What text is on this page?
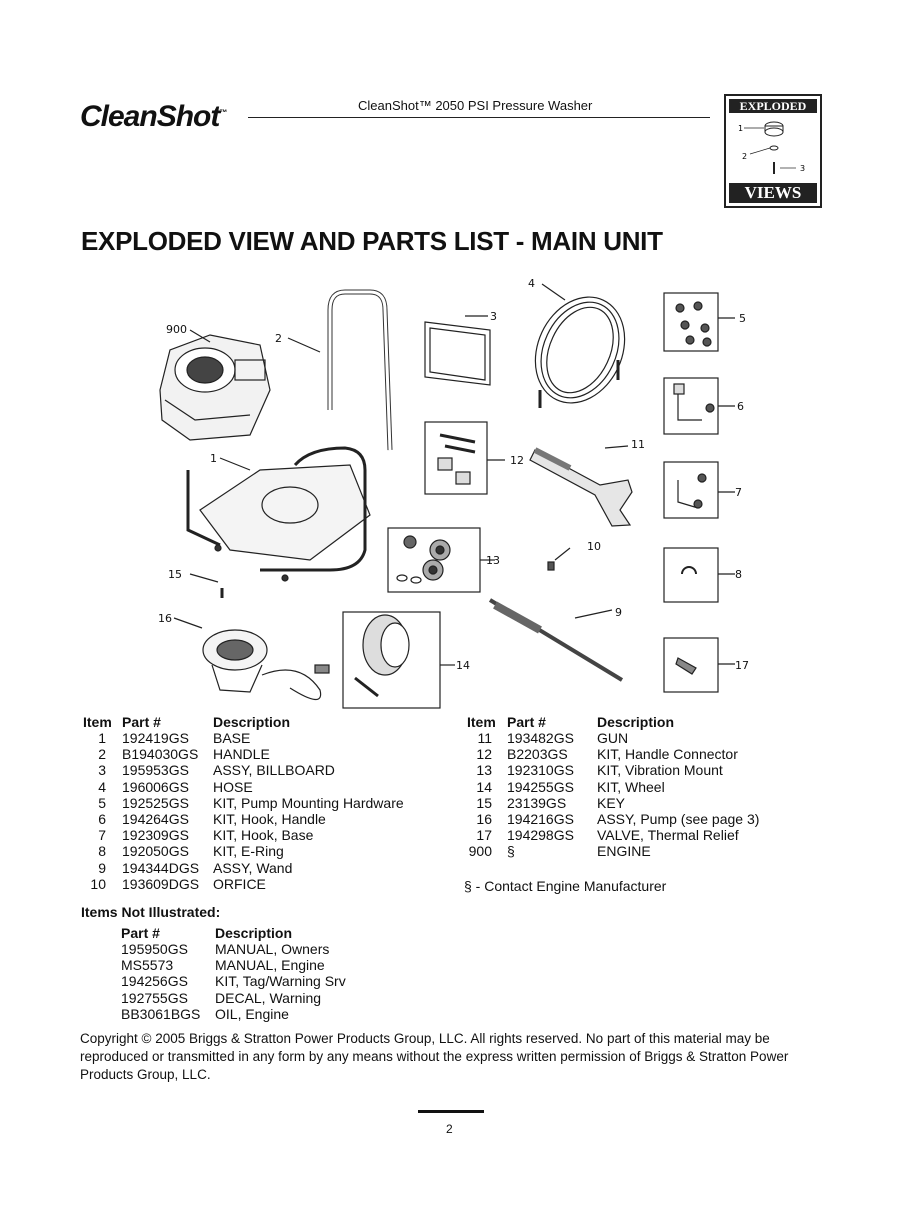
CleanShot™	CleanShot™ 2050 PSI Pressure Washer	EXPLODED
1
2
3
VIEWS
EXPLODED VIEW AND PARTS LIST - MAIN UNIT
900
2
3
4
5
6
1
11
12
7
10
13
8
15
16	9
14	17
Item Part #	Description
1 192419GS BASE
2 B194030GS HANDLE
3 195953GS ASSY, BILLBOARD
4 196006GS HOSE
5 192525GS KIT, Pump Mounting Hardware
6 194264GS KIT, Hook, Handle
7 192309GS KIT, Hook, Base
8 192050GS KIT, E-Ring
9 194344DGS ASSY, Wand
10 193609DGS ORFICE
Item Part #	Description
11 193482GS GUN
12 B2203GS KIT, Handle Connector
13 192310GS KIT, Vibration Mount
14 194255GS KIT, Wheel
15 23139GS KEY
16 194216GS ASSY, Pump (see page 3)
17 194298GS VALVE, Thermal Relief
900 §	ENGINE
§ - Contact Engine Manufacturer
Items Not Illustrated:
Part #	Description
195950GS MANUAL, Owners
MS5573	MANUAL, Engine
194256GS KIT, Tag/Warning Srv
192755GS DECAL, Warning
BB3061BGS OIL, Engine
Copyright © 2005 Briggs & Stratton Power Products Group, LLC. All rights reserved. No part of this material may be reproduced or transmitted in any form by any means without the express written permission of Briggs & Stratton Power Products Group, LLC.
2
